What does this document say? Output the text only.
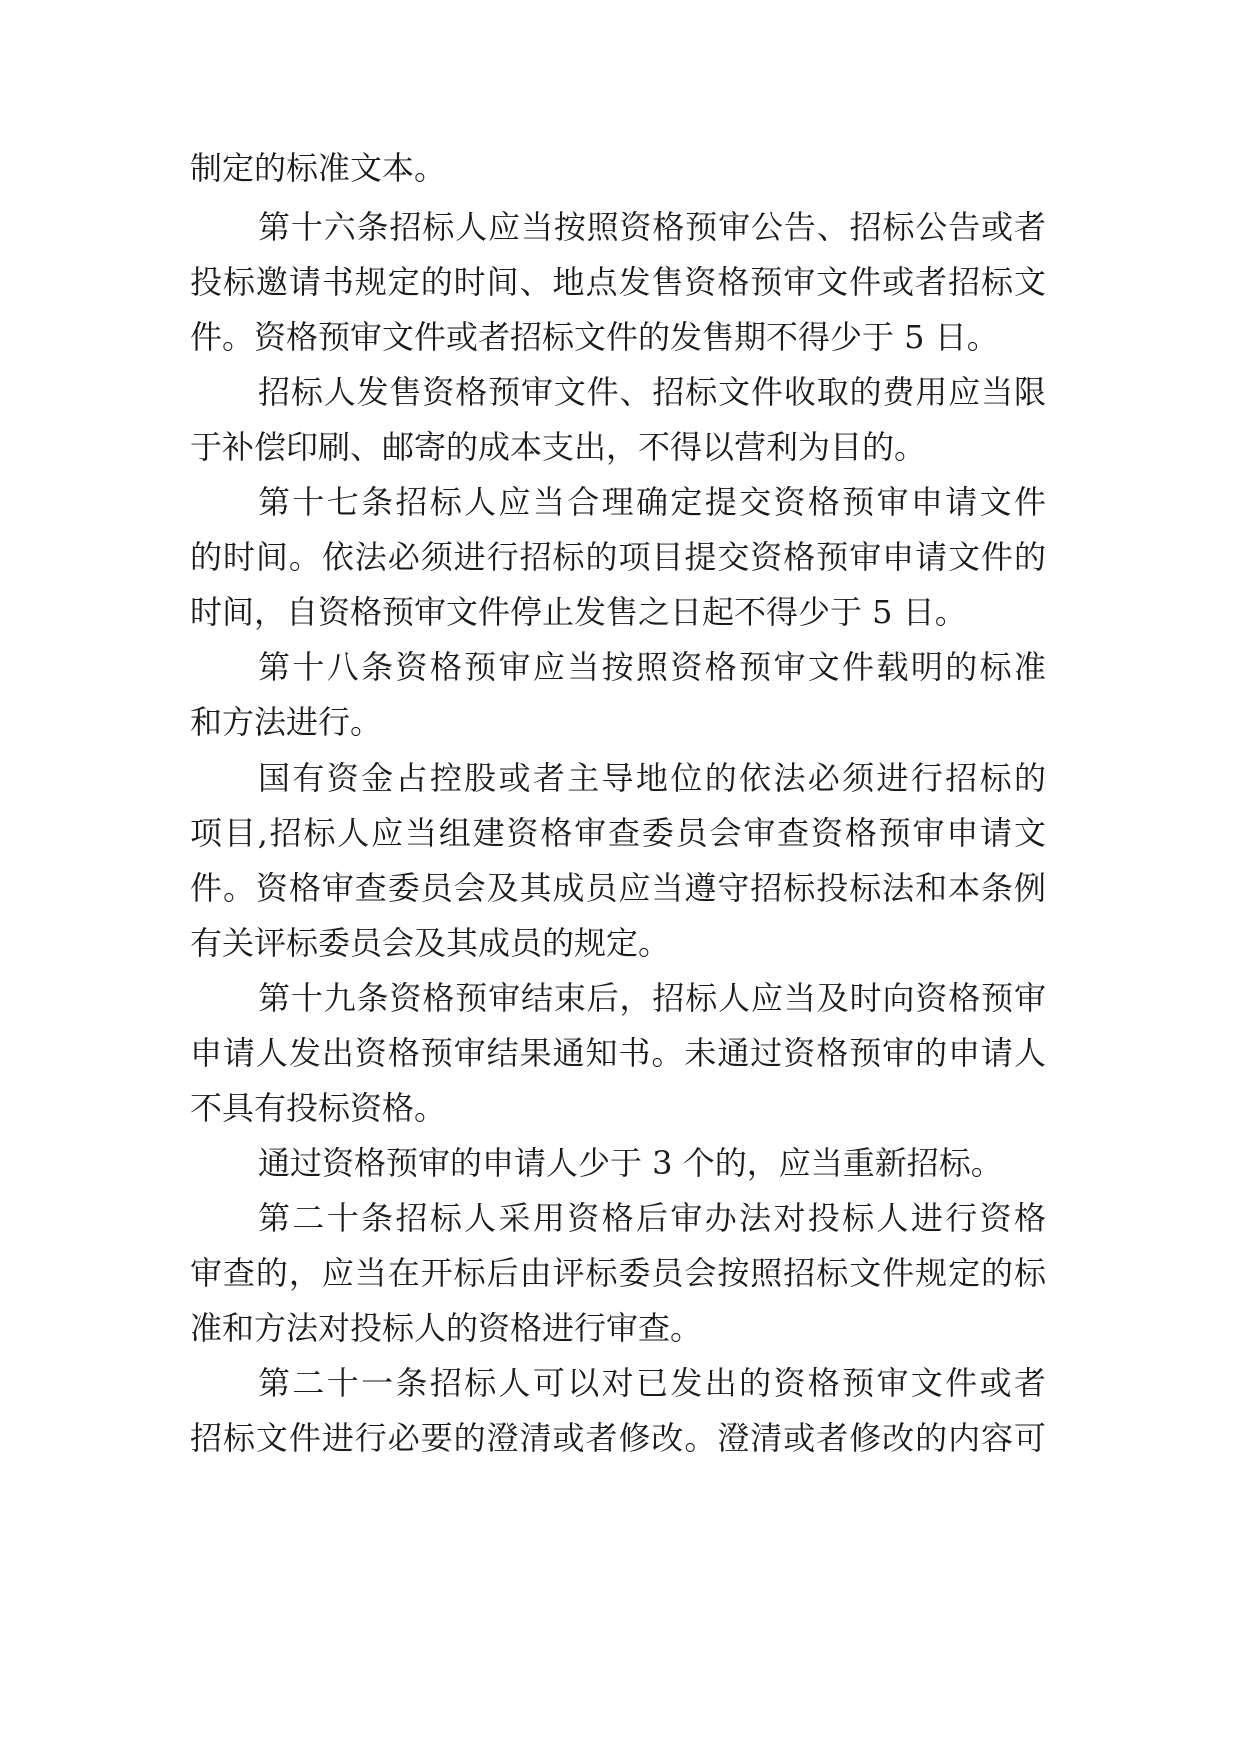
制定的标准文本。
第十六条招标人应当按照资格预审公告、招标公告或者
投标邀请书规定的时间、地点发售资格预审文件或者招标文
件。资格预审文件或者招标文件的发售期不得少于 5 日。
招标人发售资格预审文件、招标文件收取的费用应当限
于补偿印刷、邮寄的成本支出，不得以营利为目的。
第十七条招标人应当合理确定提交资格预审申请文件
的时间。依法必须进行招标的项目提交资格预审申请文件的
时间，自资格预审文件停止发售之日起不得少于 5 日。
第十八条资格预审应当按照资格预审文件载明的标准
和方法进行。
国有资金占控股或者主导地位的依法必须进行招标的
项目,招标人应当组建资格审查委员会审查资格预审申请文
件。资格审查委员会及其成员应当遵守招标投标法和本条例
有关评标委员会及其成员的规定。
第十九条资格预审结束后，招标人应当及时向资格预审
申请人发出资格预审结果通知书。未通过资格预审的申请人
不具有投标资格。
通过资格预审的申请人少于 3 个的，应当重新招标。
第二十条招标人采用资格后审办法对投标人进行资格
审查的，应当在开标后由评标委员会按照招标文件规定的标
准和方法对投标人的资格进行审查。
第二十一条招标人可以对已发出的资格预审文件或者
招标文件进行必要的澄清或者修改。澄清或者修改的内容可
